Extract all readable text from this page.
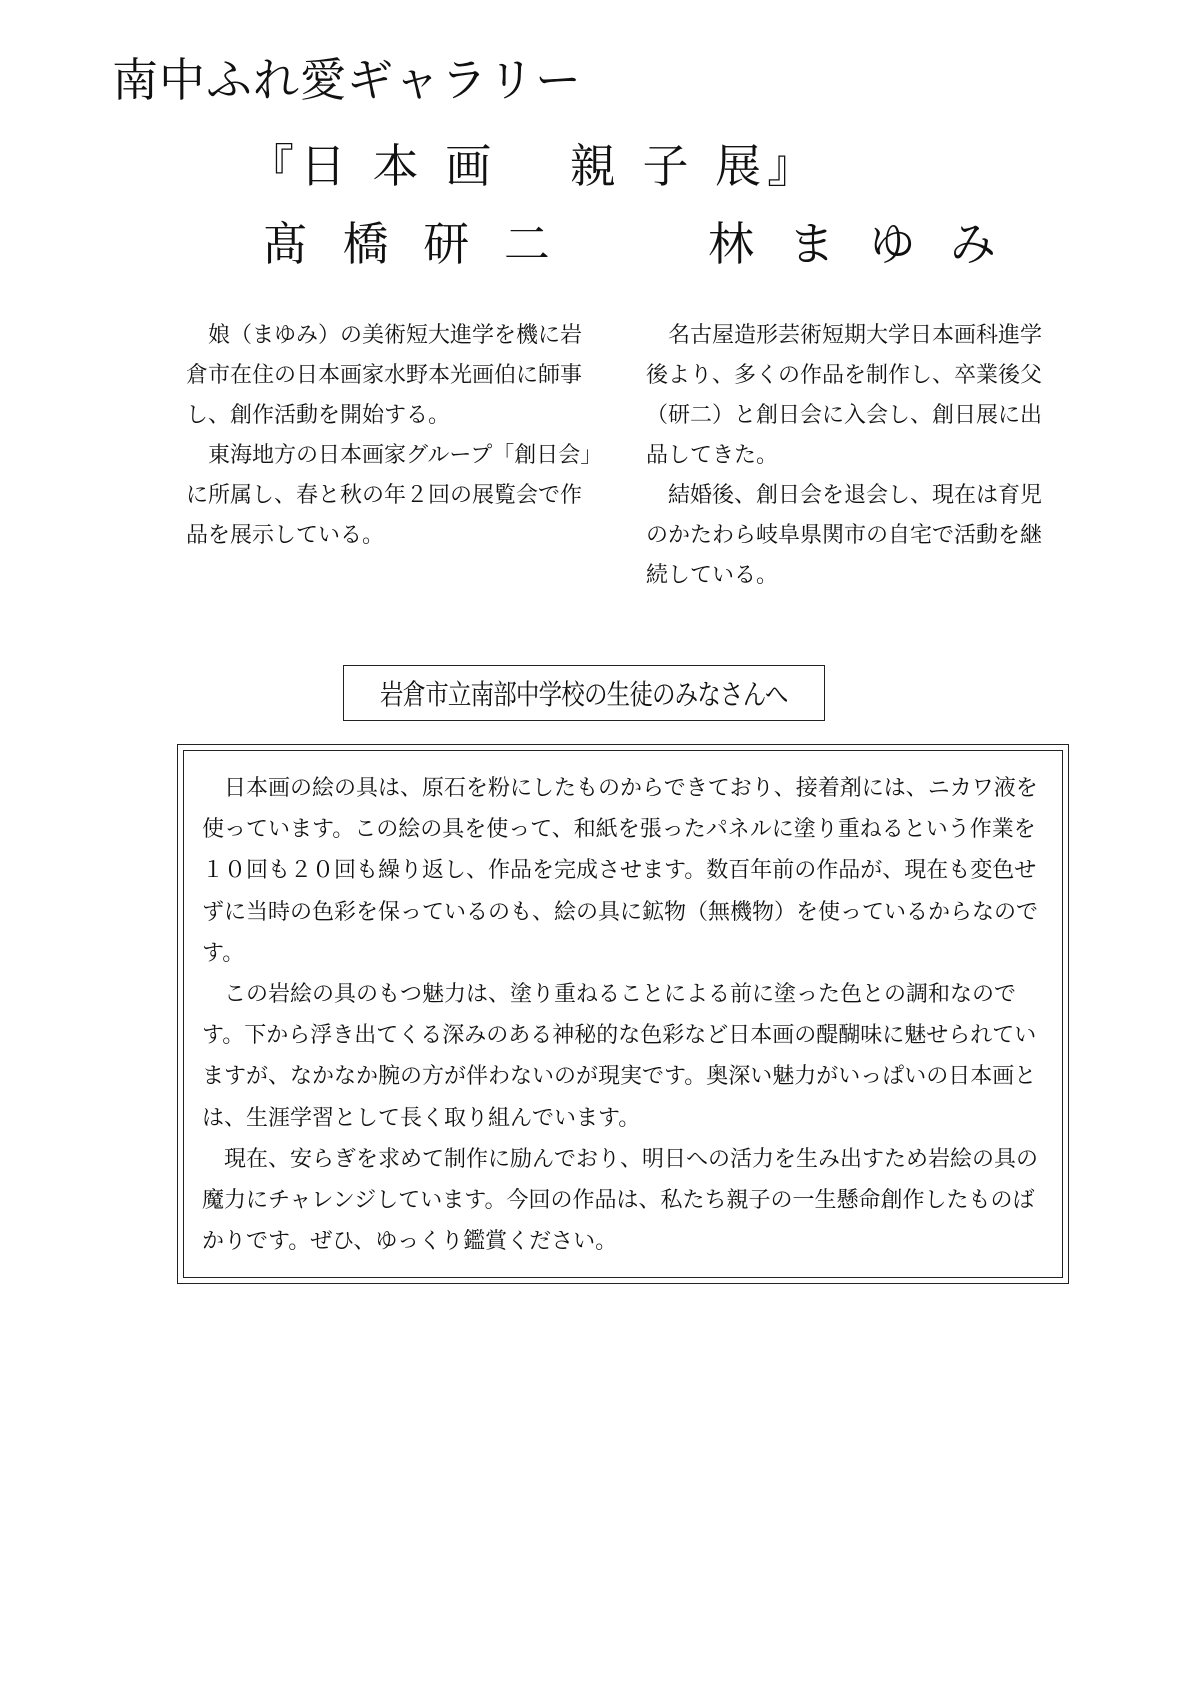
南中ふれ愛ギャラリー
『日 本 画　 親 子 展』
髙 橋 研 二	林 ま ゆ み

娘（まゆみ）の美術短大進学を機に岩倉市在住の日本画家水野本光画伯に師事し、創作活動を開始する。

東海地方の日本画家グループ「創日会」に所属し、春と秋の年２回の展覧会で作品を展示している。

名古屋造形芸術短期大学日本画科進学後より、多くの作品を制作し、卒業後父（研二）と創日会に入会し、創日展に出品してきた。

結婚後、創日会を退会し、現在は育児のかたわら岐阜県関市の自宅で活動を継続している。

岩倉市立南部中学校の生徒のみなさんへ

日本画の絵の具は、原石を粉にしたものからできており、接着剤には、ニカワ液を使っています。この絵の具を使って、和紙を張ったパネルに塗り重ねるという作業を１０回も２０回も繰り返し、作品を完成させます。数百年前の作品が、現在も変色せずに当時の色彩を保っているのも、絵の具に鉱物（無機物）を使っているからなのです。

この岩絵の具のもつ魅力は、塗り重ねることによる前に塗った色との調和なのです。下から浮き出てくる深みのある神秘的な色彩など日本画の醍醐味に魅せられていますが、なかなか腕の方が伴わないのが現実です。奥深い魅力がいっぱいの日本画とは、生涯学習として長く取り組んでいます。

現在、安らぎを求めて制作に励んでおり、明日への活力を生み出すため岩絵の具の魔力にチャレンジしています。今回の作品は、私たち親子の一生懸命創作したものばかりです。ぜひ、ゆっくり鑑賞ください。
